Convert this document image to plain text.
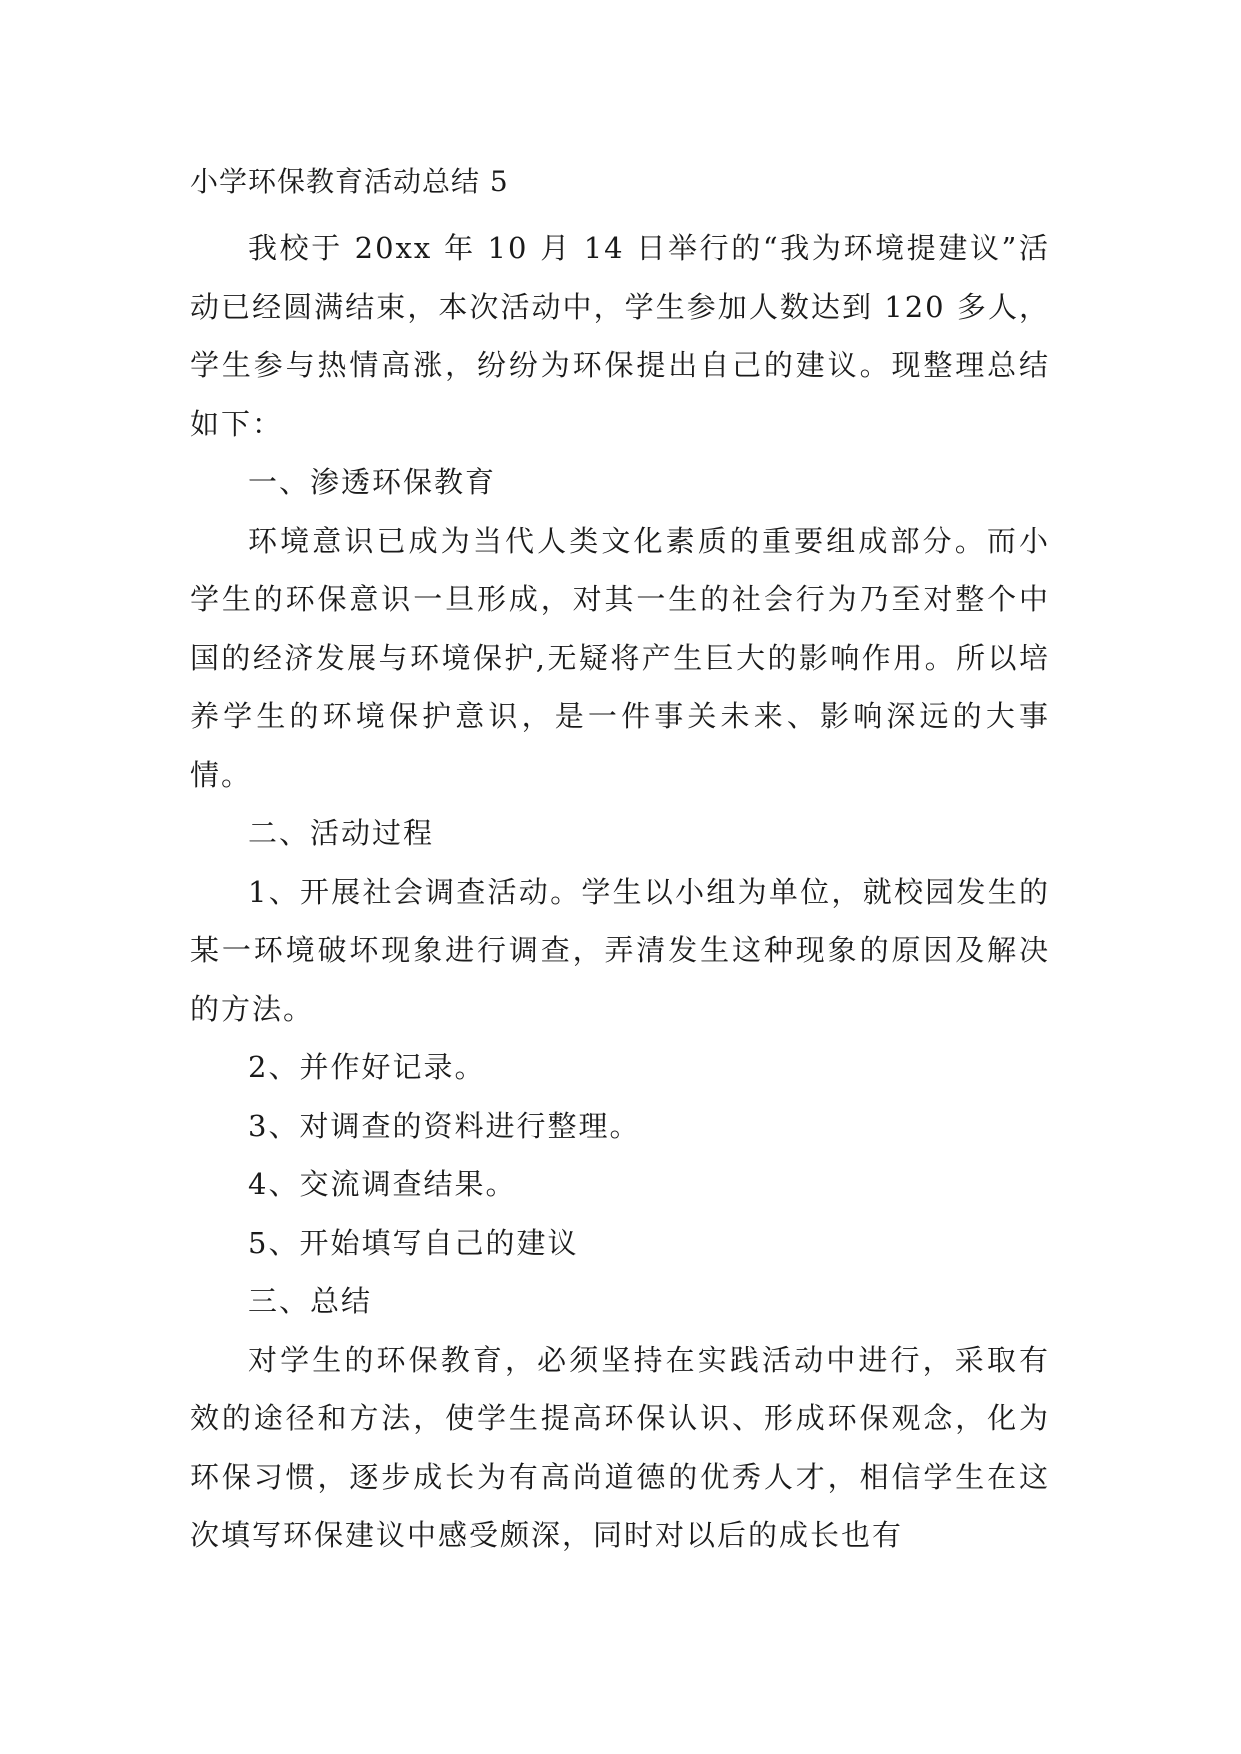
小学环保教育活动总结 5

我校于 20xx 年 10 月 14 日举行的“我为环境提建议”活动已经圆满结束，本次活动中，学生参加人数达到 120 多人，学生参与热情高涨，纷纷为环保提出自己的建议。现整理总结如下：

一、渗透环保教育

环境意识已成为当代人类文化素质的重要组成部分。而小学生的环保意识一旦形成，对其一生的社会行为乃至对整个中国的经济发展与环境保护,无疑将产生巨大的影响作用。所以培养学生的环境保护意识，是一件事关未来、影响深远的大事情。

二、活动过程

1、开展社会调查活动。学生以小组为单位，就校园发生的某一环境破坏现象进行调查，弄清发生这种现象的原因及解决的方法。

2、并作好记录。

3、对调查的资料进行整理。

4、交流调查结果。

5、开始填写自己的建议

三、总结

对学生的环保教育，必须坚持在实践活动中进行，采取有效的途径和方法，使学生提高环保认识、形成环保观念，化为环保习惯，逐步成长为有高尚道德的优秀人才，相信学生在这次填写环保建议中感受颇深，同时对以后的成长也有
